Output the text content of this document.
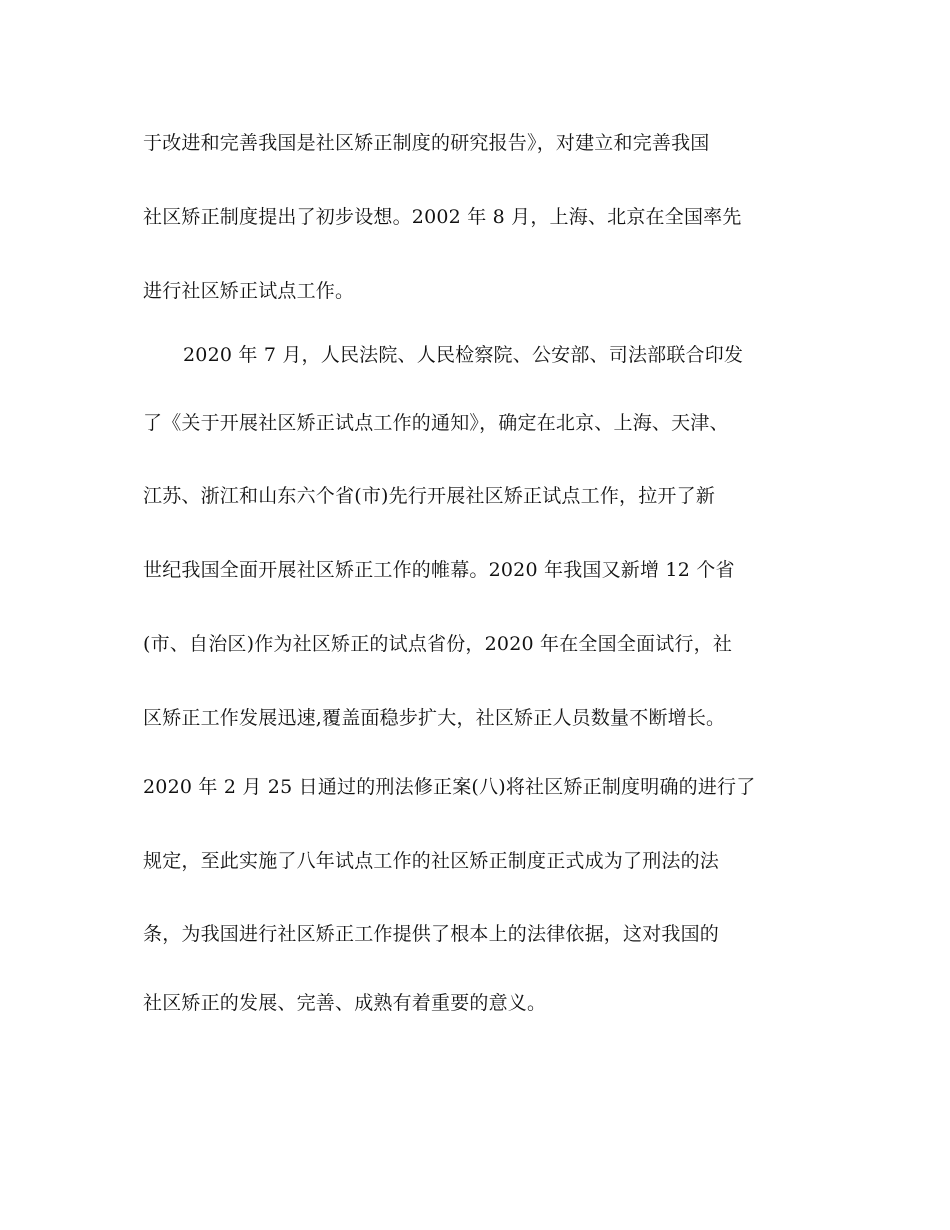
于改进和完善我国是社区矫正制度的研究报告》，对建立和完善我国
社区矫正制度提出了初步设想。2002 年 8 月，上海、北京在全国率先
进行社区矫正试点工作。
2020 年 7 月，人民法院、人民检察院、公安部、司法部联合印发
了《关于开展社区矫正试点工作的通知》，确定在北京、上海、天津、
江苏、浙江和山东六个省(市)先行开展社区矫正试点工作，拉开了新
世纪我国全面开展社区矫正工作的帷幕。2020 年我国又新增 12 个省
(市、自治区)作为社区矫正的试点省份，2020 年在全国全面试行，社
区矫正工作发展迅速,覆盖面稳步扩大，社区矫正人员数量不断增长。
2020 年 2 月 25 日通过的刑法修正案(八)将社区矫正制度明确的进行了
规定，至此实施了八年试点工作的社区矫正制度正式成为了刑法的法
条，为我国进行社区矫正工作提供了根本上的法律依据，这对我国的
社区矫正的发展、完善、成熟有着重要的意义。
